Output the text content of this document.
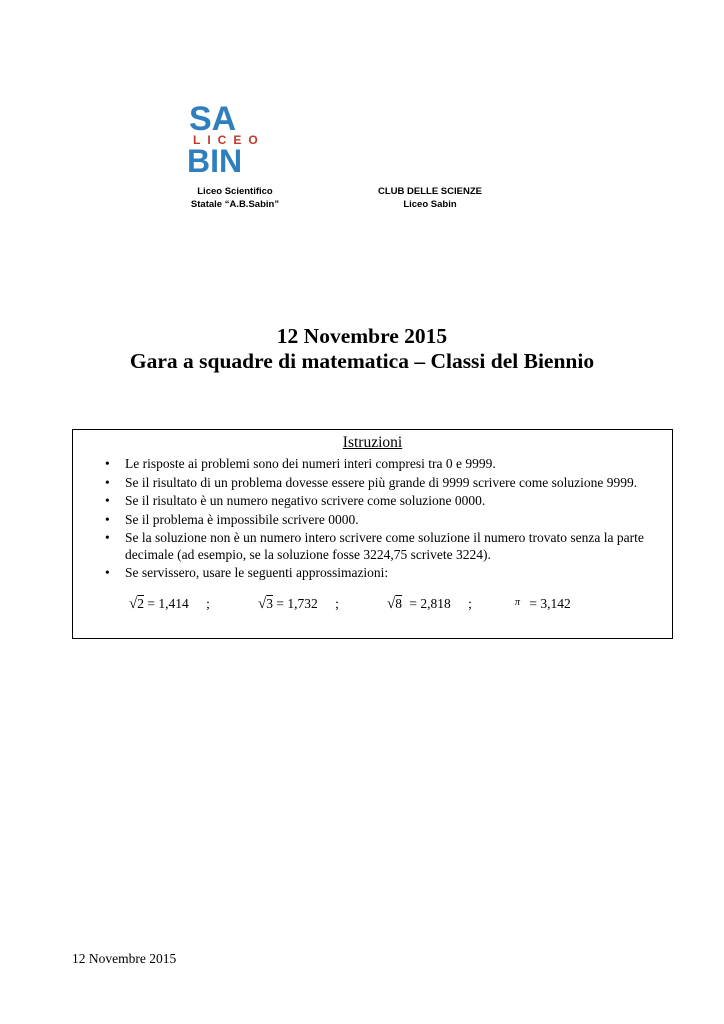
SA
LICEO
BIN
Liceo Scientifico
Statale “A.B.Sabin”
CLUB DELLE SCIENZE
Liceo Sabin
12 Novembre 2015
Gara a squadre di matematica – Classi del Biennio
Istruzioni
• Le risposte ai problemi sono dei numeri interi compresi tra 0 e 9999.
• Se il risultato di un problema dovesse essere più grande di 9999 scrivere come soluzione 9999.
• Se il risultato è un numero negativo scrivere come soluzione 0000.
• Se il problema è impossibile scrivere 0000.
• Se la soluzione non è un numero intero scrivere come soluzione il numero trovato senza la parte decimale (ad esempio, se la soluzione fosse 3224,75 scrivete 3224).
• Se servissero, usare le seguenti approssimazioni:
√2 = 1,414 ;	√3 = 1,732 ;	√8 = 2,818 ;	$^\pi$ = 3,142
12 Novembre 2015
